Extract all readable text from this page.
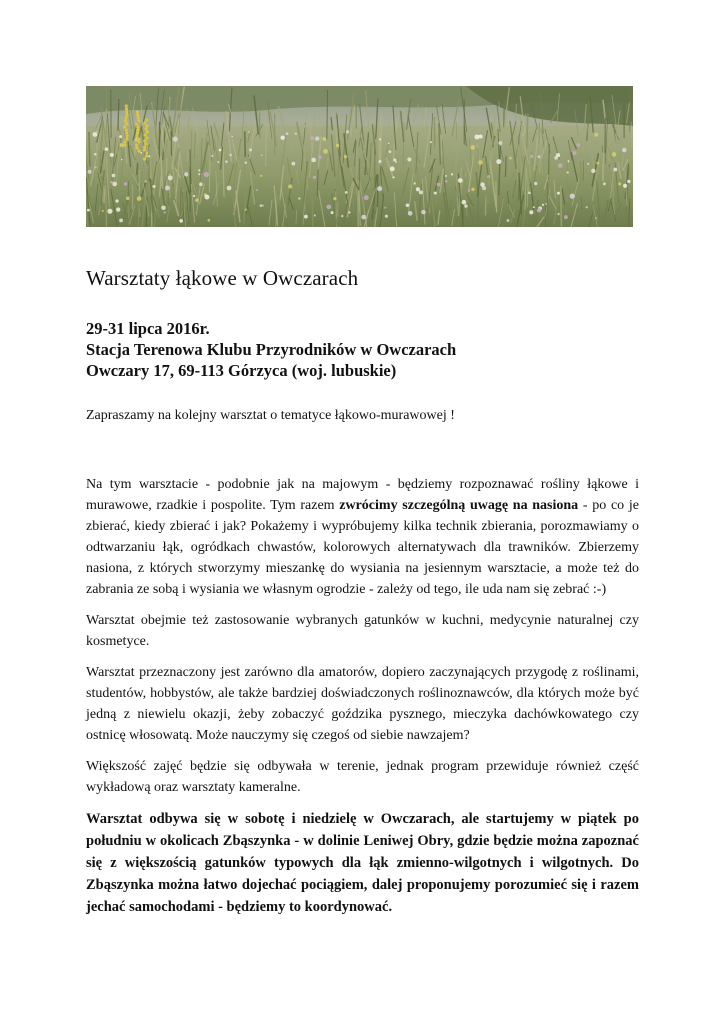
Warsztaty łąkowe w Owczarach
29-31 lipca 2016r.
Stacja Terenowa Klubu Przyrodników w Owczarach
Owczary 17, 69-113 Górzyca (woj. lubuskie)
Zapraszamy na kolejny warsztat o tematyce łąkowo-murawowej !

Na tym warsztacie - podobnie jak na majowym - będziemy rozpoznawać rośliny łąkowe i murawowe, rzadkie i pospolite. Tym razem zwrócimy szczególną uwagę na nasiona - po co je zbierać, kiedy zbierać i jak? Pokażemy i wypróbujemy kilka technik zbierania, porozmawiamy o odtwarzaniu łąk, ogródkach chwastów, kolorowych alternatywach dla trawników. Zbierzemy nasiona, z których stworzymy mieszankę do wysiania na jesiennym warsztacie, a może też do zabrania ze sobą i wysiania we własnym ogrodzie - zależy od tego, ile uda nam się zebrać :-)

Warsztat obejmie też zastosowanie wybranych gatunków w kuchni, medycynie naturalnej czy kosmetyce.

Warsztat przeznaczony jest zarówno dla amatorów, dopiero zaczynających przygodę z roślinami, studentów, hobbystów, ale także bardziej doświadczonych roślinoznawców, dla których może być jedną z niewielu okazji, żeby zobaczyć goździka pysznego, mieczyka dachówkowatego czy ostnicę włosowatą. Może nauczymy się czegoś od siebie nawzajem?

Większość zajęć będzie się odbywała w terenie, jednak program przewiduje również część wykładową oraz warsztaty kameralne.

Warsztat odbywa się w sobotę i niedzielę w Owczarach, ale startujemy w piątek po południu w okolicach Zbąszynka - w dolinie Leniwej Obry, gdzie będzie można zapoznać się z większością gatunków typowych dla łąk zmienno-wilgotnych i wilgotnych. Do Zbąszynka można łatwo dojechać pociągiem, dalej proponujemy porozumieć się i razem jechać samochodami - będziemy to koordynować.
